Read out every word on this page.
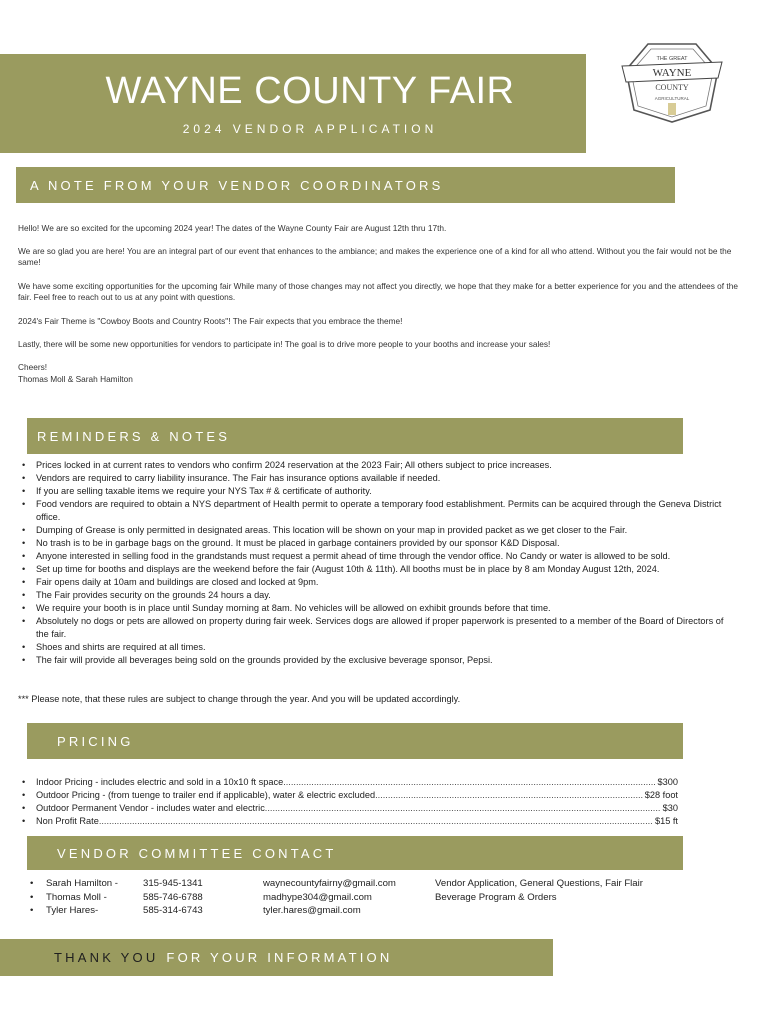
WAYNE COUNTY FAIR
2024 VENDOR APPLICATION
THE GREAT
WAYNE
COUNTY
AGRICULTURAL
A NOTE FROM YOUR VENDOR COORDINATORS

Hello! We are so excited for the upcoming 2024 year! The dates of the Wayne County Fair are August 12th thru 17th.

We are so glad you are here! You are an integral part of our event that enhances to the ambiance; and makes the experience one of a kind for all who attend. Without you the fair would not be the same!

We have some exciting opportunities for the upcoming fair While many of those changes may not affect you directly, we hope that they make for a better experience for you and the attendees of the fair. Feel free to reach out to us at any point with questions.

2024's Fair Theme is "Cowboy Boots and Country Roots"! The Fair expects that you embrace the theme!

Lastly, there will be some new opportunities for vendors to participate in! The goal is to drive more people to your booths and increase your sales!

Cheers!

Thomas Moll & Sarah Hamilton

REMINDERS & NOTES
• Prices locked in at current rates to vendors who confirm 2024 reservation at the 2023 Fair; All others subject to price increases.
• Vendors are required to carry liability insurance. The Fair has insurance options available if needed.
• If you are selling taxable items we require your NYS Tax # & certificate of authority.
• Food vendors are required to obtain a NYS department of Health permit to operate a temporary food establishment. Permits can be acquired through the Geneva District office.
• Dumping of Grease is only permitted in designated areas. This location will be shown on your map in provided packet as we get closer to the Fair.
• No trash is to be in garbage bags on the ground. It must be placed in garbage containers provided by our sponsor K&D Disposal.
• Anyone interested in selling food in the grandstands must request a permit ahead of time through the vendor office. No Candy or water is allowed to be sold.
• Set up time for booths and displays are the weekend before the fair (August 10th & 11th). All booths must be in place by 8 am Monday August 12th, 2024.
• Fair opens daily at 10am and buildings are closed and locked at 9pm.
• The Fair provides security on the grounds 24 hours a day.
• We require your booth is in place until Sunday morning at 8am. No vehicles will be allowed on exhibit grounds before that time.
• Absolutely no dogs or pets are allowed on property during fair week. Services dogs are allowed if proper paperwork is presented to a member of the Board of Directors of the fair.
• Shoes and shirts are required at all times.
• The fair will provide all beverages being sold on the grounds provided by the exclusive beverage sponsor, Pepsi.
*** Please note, that these rules are subject to change through the year. And you will be updated accordingly.
PRICING
• Indoor Pricing - includes electric and sold in a 10x10 ft space .....	$300
• Outdoor Pricing - (from tuenge to trailer end if applicable), water & electric excluded .....	$28 foot
• Outdoor Permanent Vendor - includes water and electric .....	$30
• Non Profit Rate .....	$15 ft
VENDOR COMMITTEE CONTACT
• Sarah Hamilton -	315-945-1341	waynecountyfairny@gmail.com	Vendor Application, General Questions, Fair Flair
• Thomas Moll -	585-746-6788	madhype304@gmail.com	Beverage Program & Orders
• Tyler Hares-	585-314-6743	tyler.hares@gmail.com	
THANK YOU FOR YOUR INFORMATION
